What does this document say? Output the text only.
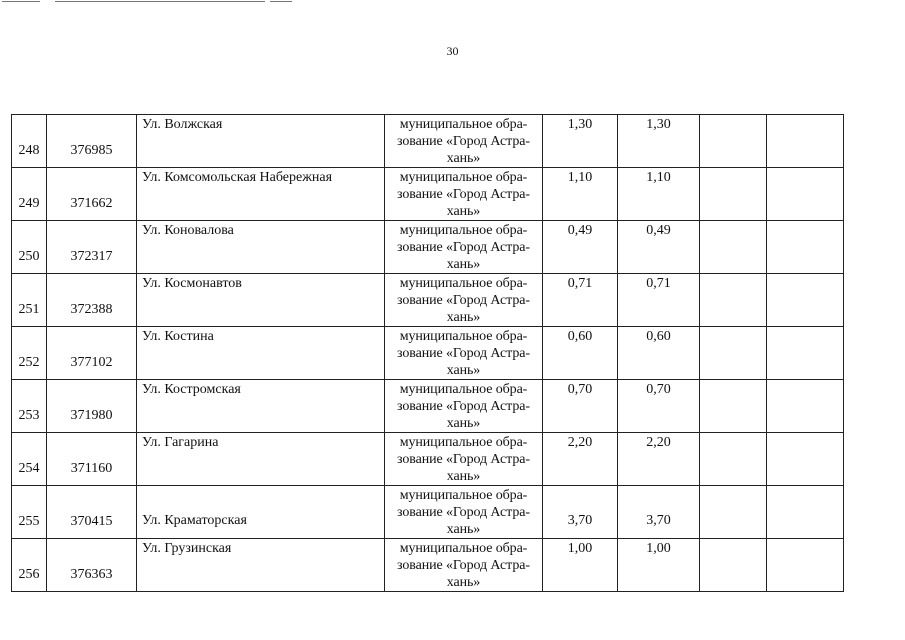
30
248	376985	Ул. Волжская	муниципальное обра-
зование «Город Астра-
хань»	1,30	1,30		
249	371662	Ул. Комсомольская Набережная	муниципальное обра-
зование «Город Астра-
хань»	1,10	1,10		
250	372317	Ул. Коновалова	муниципальное обра-
зование «Город Астра-
хань»	0,49	0,49		
251	372388	Ул. Космонавтов	муниципальное обра-
зование «Город Астра-
хань»	0,71	0,71		
252	377102	Ул. Костина	муниципальное обра-
зование «Город Астра-
хань»	0,60	0,60		
253	371980	Ул. Костромская	муниципальное обра-
зование «Город Астра-
хань»	0,70	0,70		
254	371160	Ул. Гагарина	муниципальное обра-
зование «Город Астра-
хань»	2,20	2,20		
255	370415	Ул. Краматорская	муниципальное обра-
зование «Город Астра-
хань»	3,70	3,70		
256	376363	Ул. Грузинская	муниципальное обра-
зование «Город Астра-
хань»	1,00	1,00		
